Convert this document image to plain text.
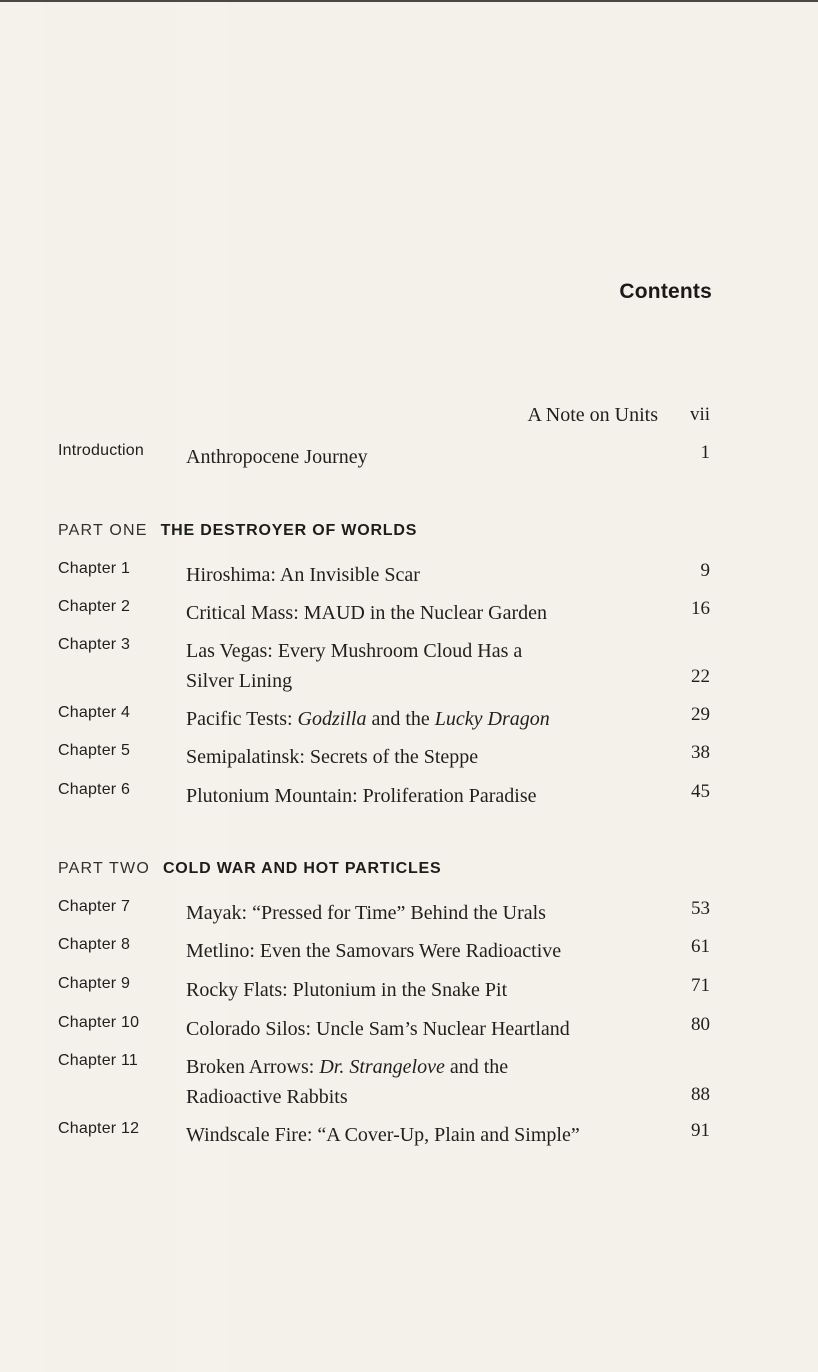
Contents
A Note on Units vii
Introduction Anthropocene Journey	1
PART ONE THE DESTROYER OF WORLDS
Chapter 1	Hiroshima: An Invisible Scar	9
Chapter 2	Critical Mass: MAUD in the Nuclear Garden	16
Chapter 3	Las Vegas: Every Mushroom Cloud Has a
Silver Lining	22
Chapter 4	Pacific Tests: Godzilla and the Lucky Dragon	29
Chapter 5	Semipalatinsk: Secrets of the Steppe	38
Chapter 6	Plutonium Mountain: Proliferation Paradise	45
PART TWO COLD WAR AND HOT PARTICLES
Chapter 7	Mayak: “Pressed for Time” Behind the Urals	53
Chapter 8	Metlino: Even the Samovars Were Radioactive	61
Chapter 9	Rocky Flats: Plutonium in the Snake Pit	71
Chapter 10 Colorado Silos: Uncle Sam’s Nuclear Heartland	80
Chapter 11 Broken Arrows: Dr. Strangelove and the
Radioactive Rabbits	88
Chapter 12 Windscale Fire: “A Cover-Up, Plain and Simple”	91
